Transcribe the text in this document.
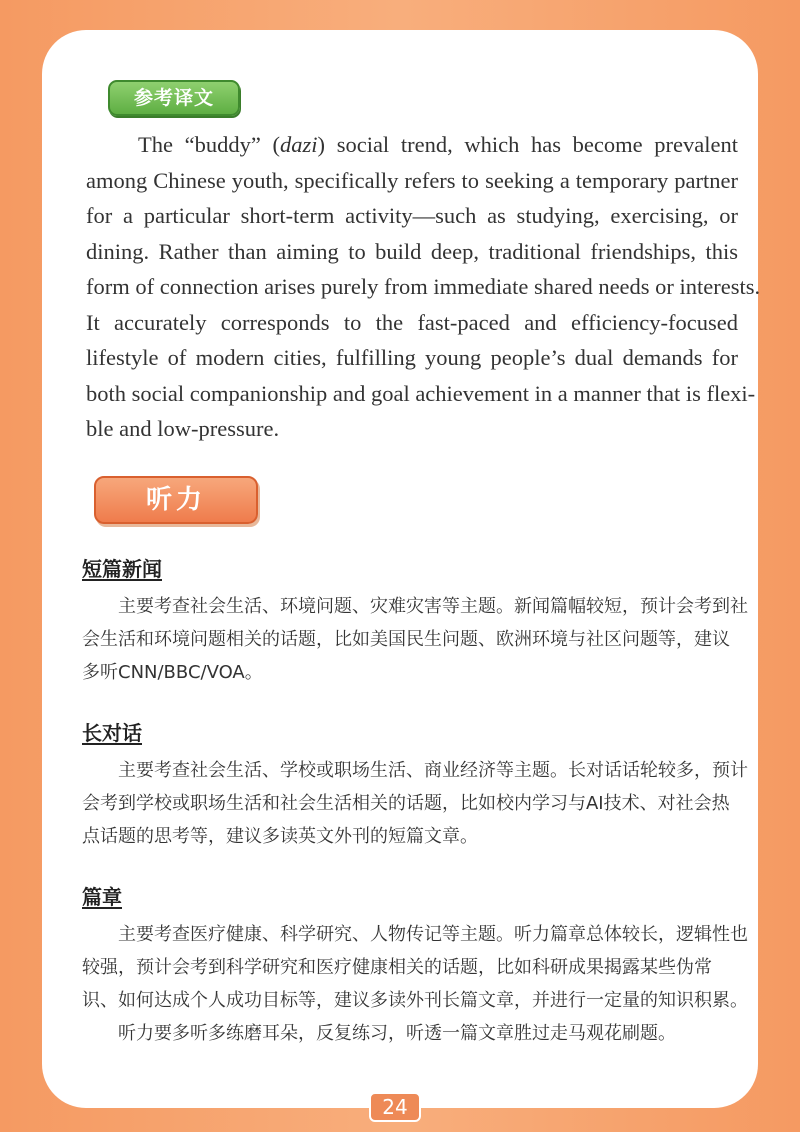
参考译文
The “buddy” (dazi) social trend, which has become prevalent
among Chinese youth, specifically refers to seeking a temporary partner
for a particular short-term activity—such as studying, exercising, or
dining. Rather than aiming to build deep, traditional friendships, this
form of connection arises purely from immediate shared needs or interests.
It accurately corresponds to the fast-paced and efficiency-focused
lifestyle of modern cities, fulfilling young people’s dual demands for
both social companionship and goal achievement in a manner that is flexi-
ble and low-pressure.
听力
短篇新闻
主要考查社会生活、环境问题、灾难灾害等主题。新闻篇幅较短，预计会考到社
会生活和环境问题相关的话题，比如美国民生问题、欧洲环境与社区问题等，建议
多听CNN/BBC/VOA。
长对话
主要考查社会生活、学校或职场生活、商业经济等主题。长对话话轮较多，预计
会考到学校或职场生活和社会生活相关的话题，比如校内学习与AI技术、对社会热
点话题的思考等，建议多读英文外刊的短篇文章。
篇章
主要考查医疗健康、科学研究、人物传记等主题。听力篇章总体较长，逻辑性也
较强，预计会考到科学研究和医疗健康相关的话题，比如科研成果揭露某些伪常
识、如何达成个人成功目标等，建议多读外刊长篇文章，并进行一定量的知识积累。
听力要多听多练磨耳朵，反复练习，听透一篇文章胜过走马观花刷题。
24
